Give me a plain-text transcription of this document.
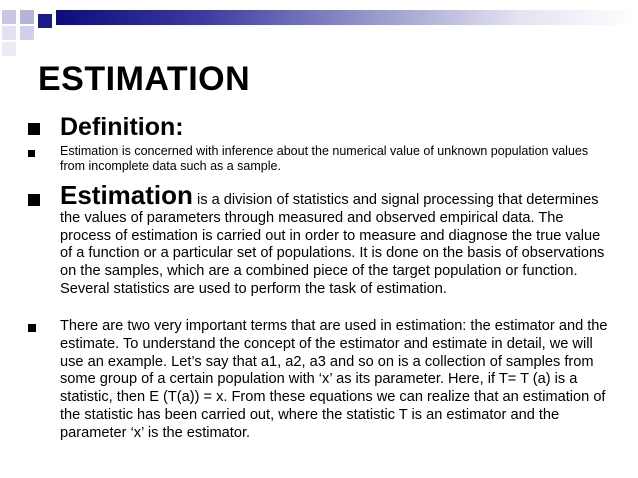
ESTIMATION
Definition:
Estimation is concerned with inference about the numerical value of unknown population values from incomplete data such as a sample.
Estimation is a division of statistics and signal processing that determines the values of parameters through measured and observed empirical data. The process of estimation is carried out in order to measure and diagnose the true value of a function or a particular set of populations. It is done on the basis of observations on the samples, which are a combined piece of the target population or function. Several statistics are used to perform the task of estimation.
There are two very important terms that are used in estimation: the estimator and the estimate. To understand the concept of the estimator and estimate in detail, we will use an example. Let’s say that a1, a2, a3 and so on is a collection of samples from some group of a certain population with ‘x’ as its parameter. Here, if T= T (a) is a statistic, then E (T(a)) = x. From these equations we can realize that an estimation of the statistic has been carried out, where the statistic T is an estimator and the parameter ‘x’ is the estimator.
